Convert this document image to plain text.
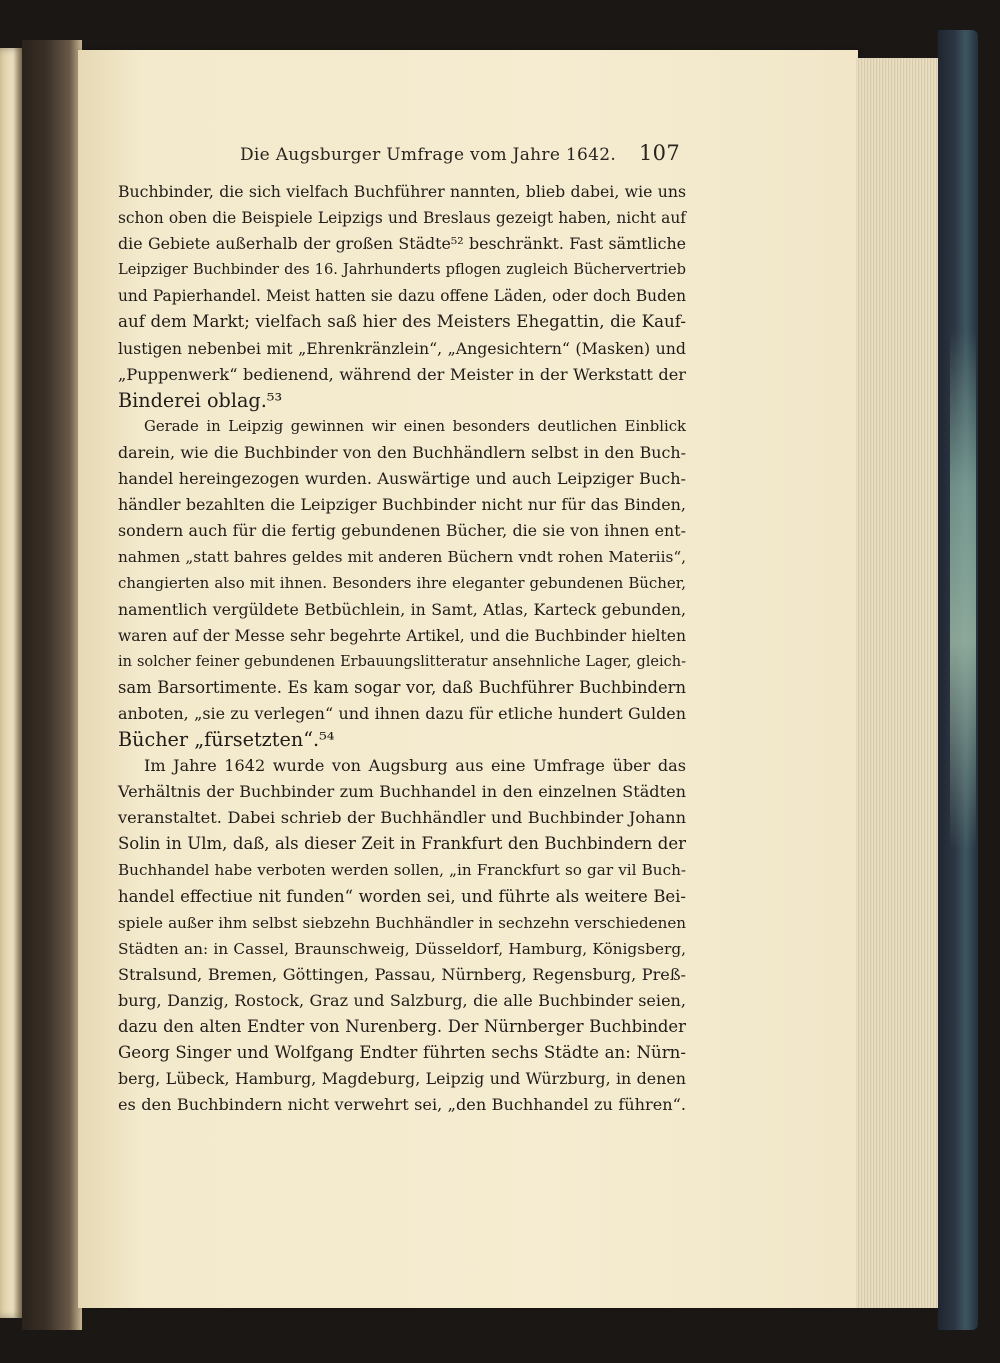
Die Augsburger Umfrage vom Jahre 1642. 107
Buchbinder, die sich vielfach Buchführer nannten, blieb dabei, wie uns
schon oben die Beispiele Leipzigs und Breslaus gezeigt haben, nicht auf
die Gebiete außerhalb der großen Städte⁵² beschränkt. Fast sämtliche
Leipziger Buchbinder des 16. Jahrhunderts pflogen zugleich Büchervertrieb
und Papierhandel. Meist hatten sie dazu offene Läden, oder doch Buden
auf dem Markt; vielfach saß hier des Meisters Ehegattin, die Kauf-
lustigen nebenbei mit „Ehrenkränzlein“, „Angesichtern“ (Masken) und
„Puppenwerk“ bedienend, während der Meister in der Werkstatt der
Binderei oblag.⁵³
Gerade in Leipzig gewinnen wir einen besonders deutlichen Einblick
darein, wie die Buchbinder von den Buchhändlern selbst in den Buch-
handel hereingezogen wurden. Auswärtige und auch Leipziger Buch-
händler bezahlten die Leipziger Buchbinder nicht nur für das Binden,
sondern auch für die fertig gebundenen Bücher, die sie von ihnen ent-
nahmen „statt bahres geldes mit anderen Büchern vndt rohen Materiis“,
changierten also mit ihnen. Besonders ihre eleganter gebundenen Bücher,
namentlich vergüldete Betbüchlein, in Samt, Atlas, Karteck gebunden,
waren auf der Messe sehr begehrte Artikel, und die Buchbinder hielten
in solcher feiner gebundenen Erbauungslitteratur ansehnliche Lager, gleich-
sam Barsortimente. Es kam sogar vor, daß Buchführer Buchbindern
anboten, „sie zu verlegen“ und ihnen dazu für etliche hundert Gulden
Bücher „fürsetzten“.⁵⁴
Im Jahre 1642 wurde von Augsburg aus eine Umfrage über das
Verhältnis der Buchbinder zum Buchhandel in den einzelnen Städten
veranstaltet. Dabei schrieb der Buchhändler und Buchbinder Johann
Solin in Ulm, daß, als dieser Zeit in Frankfurt den Buchbindern der
Buchhandel habe verboten werden sollen, „in Franckfurt so gar vil Buch-
handel effectiue nit funden“ worden sei, und führte als weitere Bei-
spiele außer ihm selbst siebzehn Buchhändler in sechzehn verschiedenen
Städten an: in Cassel, Braunschweig, Düsseldorf, Hamburg, Königsberg,
Stralsund, Bremen, Göttingen, Passau, Nürnberg, Regensburg, Preß-
burg, Danzig, Rostock, Graz und Salzburg, die alle Buchbinder seien,
dazu den alten Endter von Nurenberg. Der Nürnberger Buchbinder
Georg Singer und Wolfgang Endter führten sechs Städte an: Nürn-
berg, Lübeck, Hamburg, Magdeburg, Leipzig und Würzburg, in denen
es den Buchbindern nicht verwehrt sei, „den Buchhandel zu führen“.
